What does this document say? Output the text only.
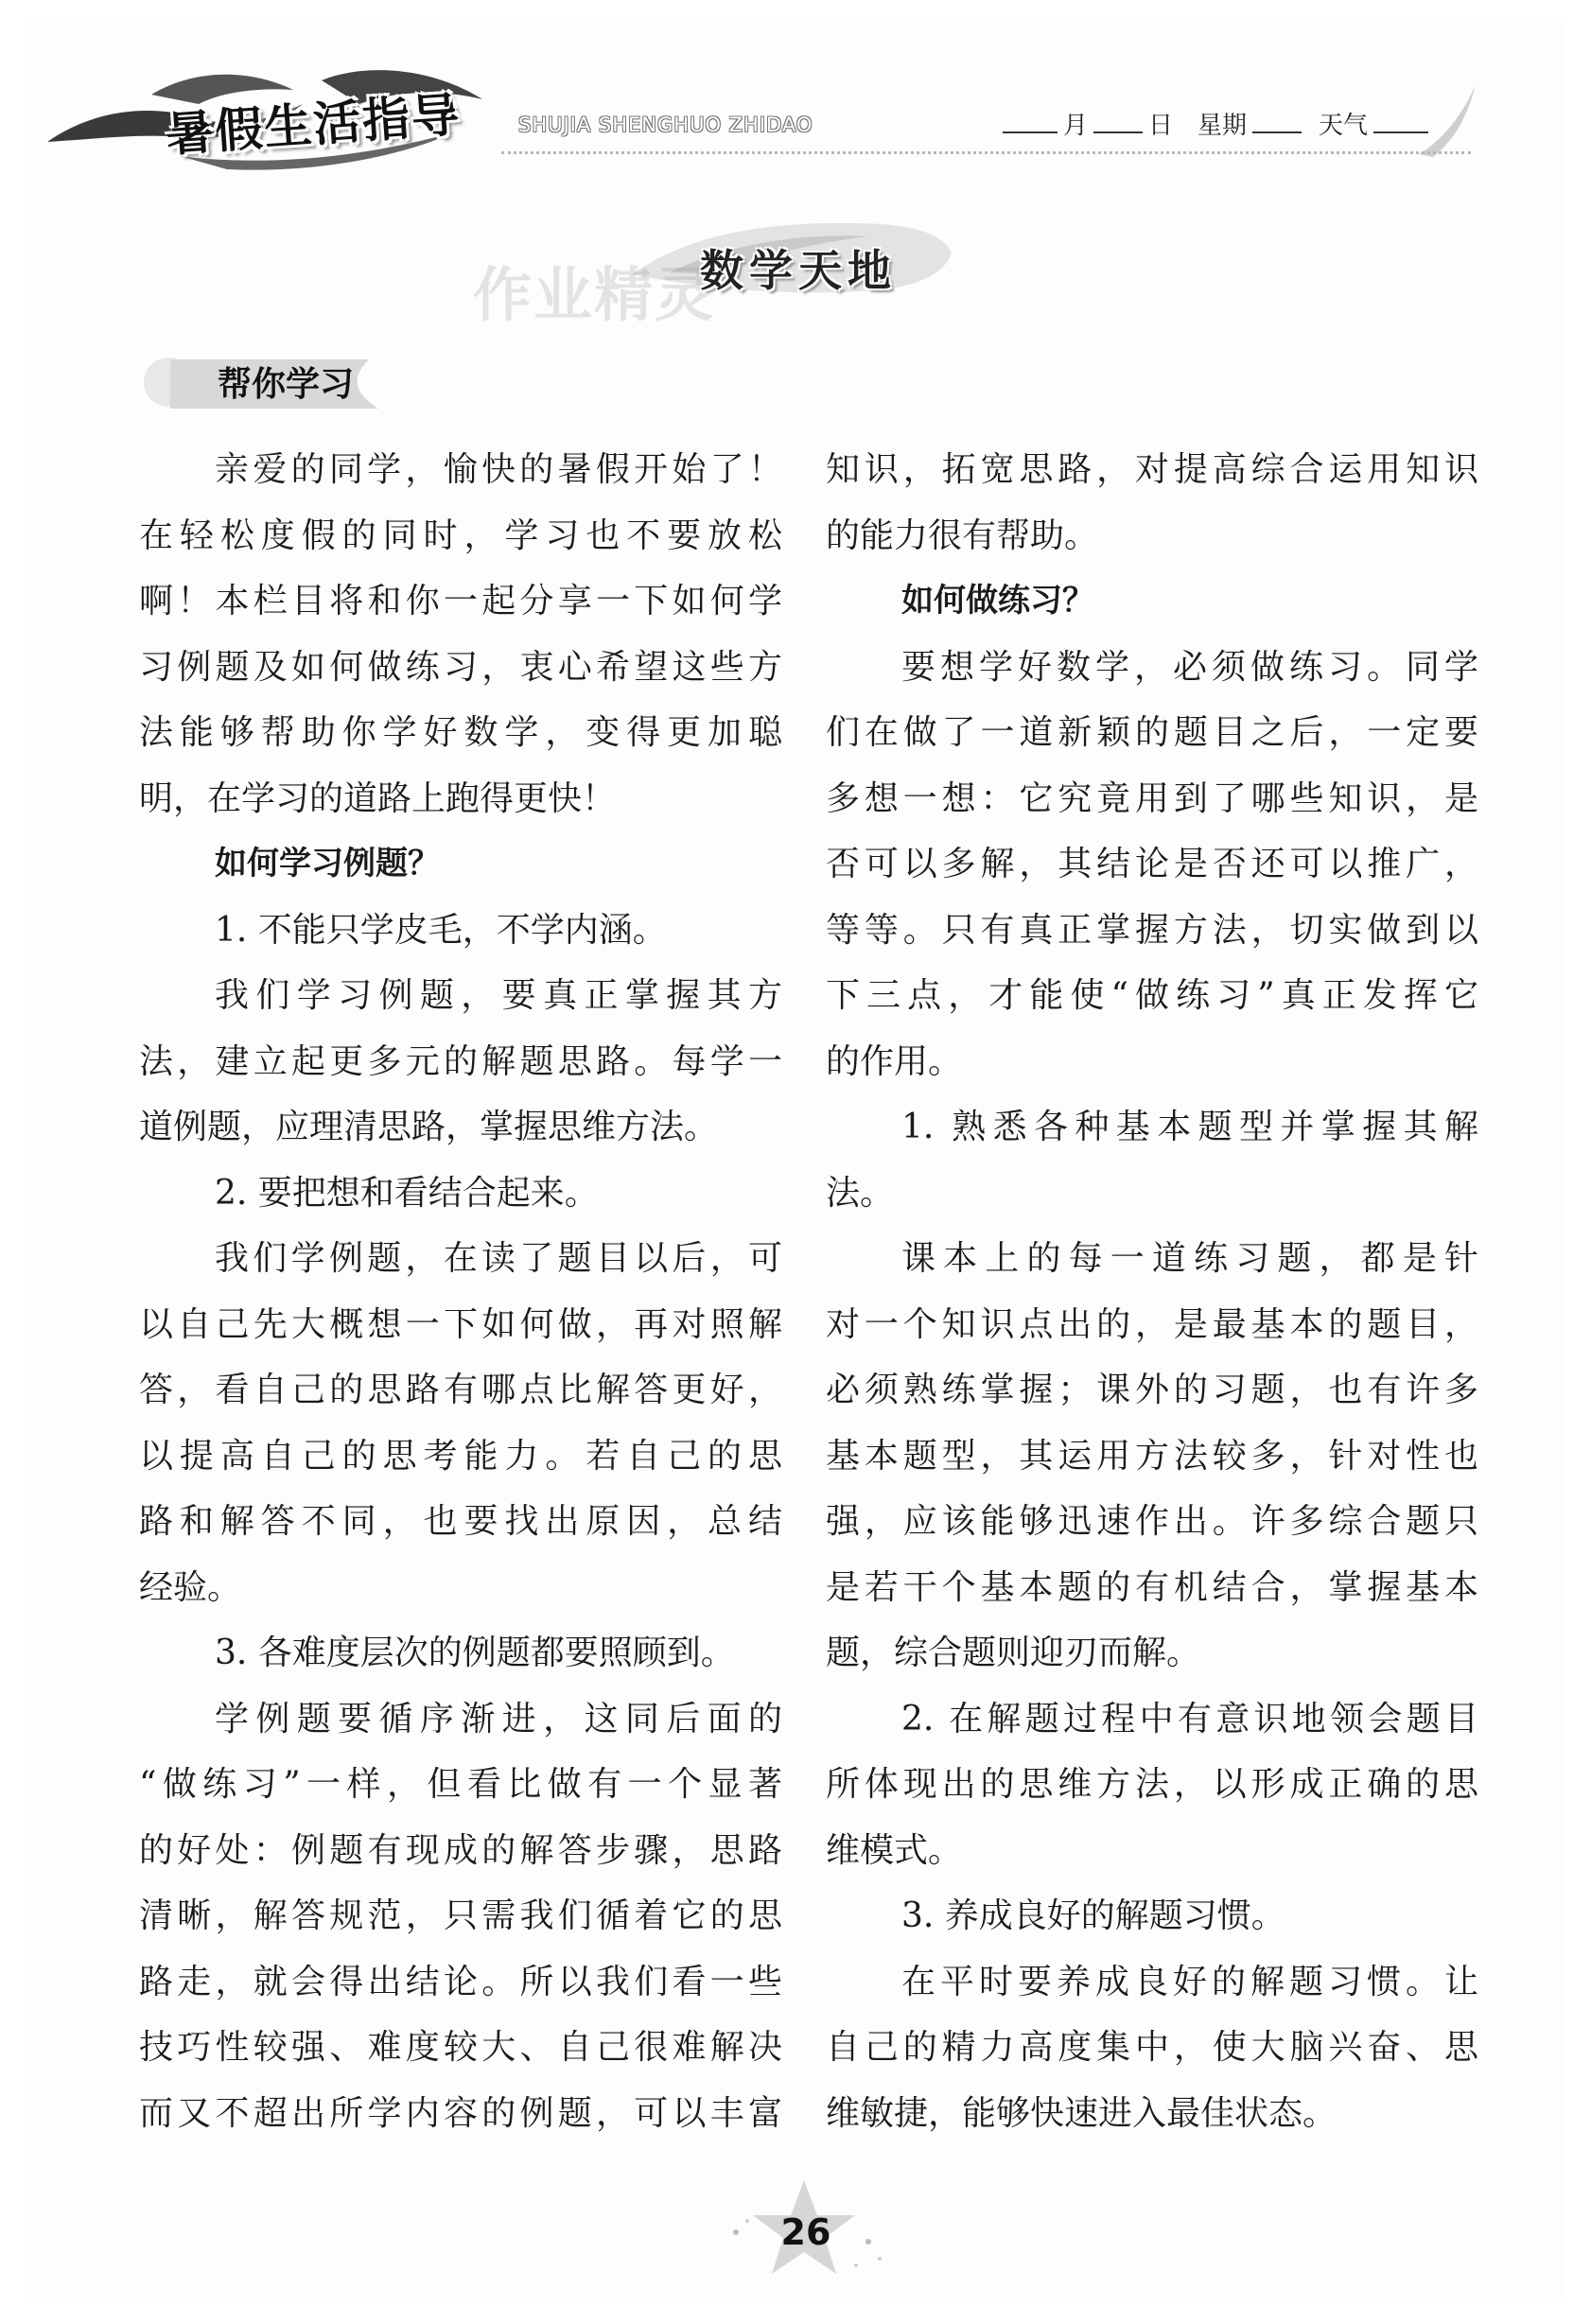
暑假生活指导	SHUJIA SHENGHUO ZHIDAO	月 日 星期	天气
作业精灵
数学天地
帮你学习
亲爱的同学，愉快的暑假开始了！
在轻松度假的同时，学习也不要放松
啊！本栏目将和你一起分享一下如何学
习例题及如何做练习，衷心希望这些方
法能够帮助你学好数学，变得更加聪
明，在学习的道路上跑得更快！
如何学习例题？
1. 不能只学皮毛，不学内涵。
我们学习例题，要真正掌握其方
法，建立起更多元的解题思路。每学一
道例题，应理清思路，掌握思维方法。
2. 要把想和看结合起来。
我们学例题，在读了题目以后，可
以自己先大概想一下如何做，再对照解
答，看自己的思路有哪点比解答更好，
以提高自己的思考能力。若自己的思
路和解答不同，也要找出原因，总结
经验。
3. 各难度层次的例题都要照顾到。
学例题要循序渐进，这同后面的
“做练习”一样，但看比做有一个显著
的好处：例题有现成的解答步骤，思路
清晰，解答规范，只需我们循着它的思
路走，就会得出结论。所以我们看一些
技巧性较强、难度较大、自己很难解决
而又不超出所学内容的例题，可以丰富
知识，拓宽思路，对提高综合运用知识
的能力很有帮助。
如何做练习？
要想学好数学，必须做练习。同学
们在做了一道新颖的题目之后，一定要
多想一想：它究竟用到了哪些知识，是
否可以多解，其结论是否还可以推广，
等等。只有真正掌握方法，切实做到以
下三点，才能使“做练习”真正发挥它
的作用。
1. 熟悉各种基本题型并掌握其解
法。
课本上的每一道练习题，都是针
对一个知识点出的，是最基本的题目，
必须熟练掌握；课外的习题，也有许多
基本题型，其运用方法较多，针对性也
强，应该能够迅速作出。许多综合题只
是若干个基本题的有机结合，掌握基本
题，综合题则迎刃而解。
2. 在解题过程中有意识地领会题目
所体现出的思维方法，以形成正确的思
维模式。
3. 养成良好的解题习惯。
在平时要养成良好的解题习惯。让
自己的精力高度集中，使大脑兴奋、思
维敏捷，能够快速进入最佳状态。
26
